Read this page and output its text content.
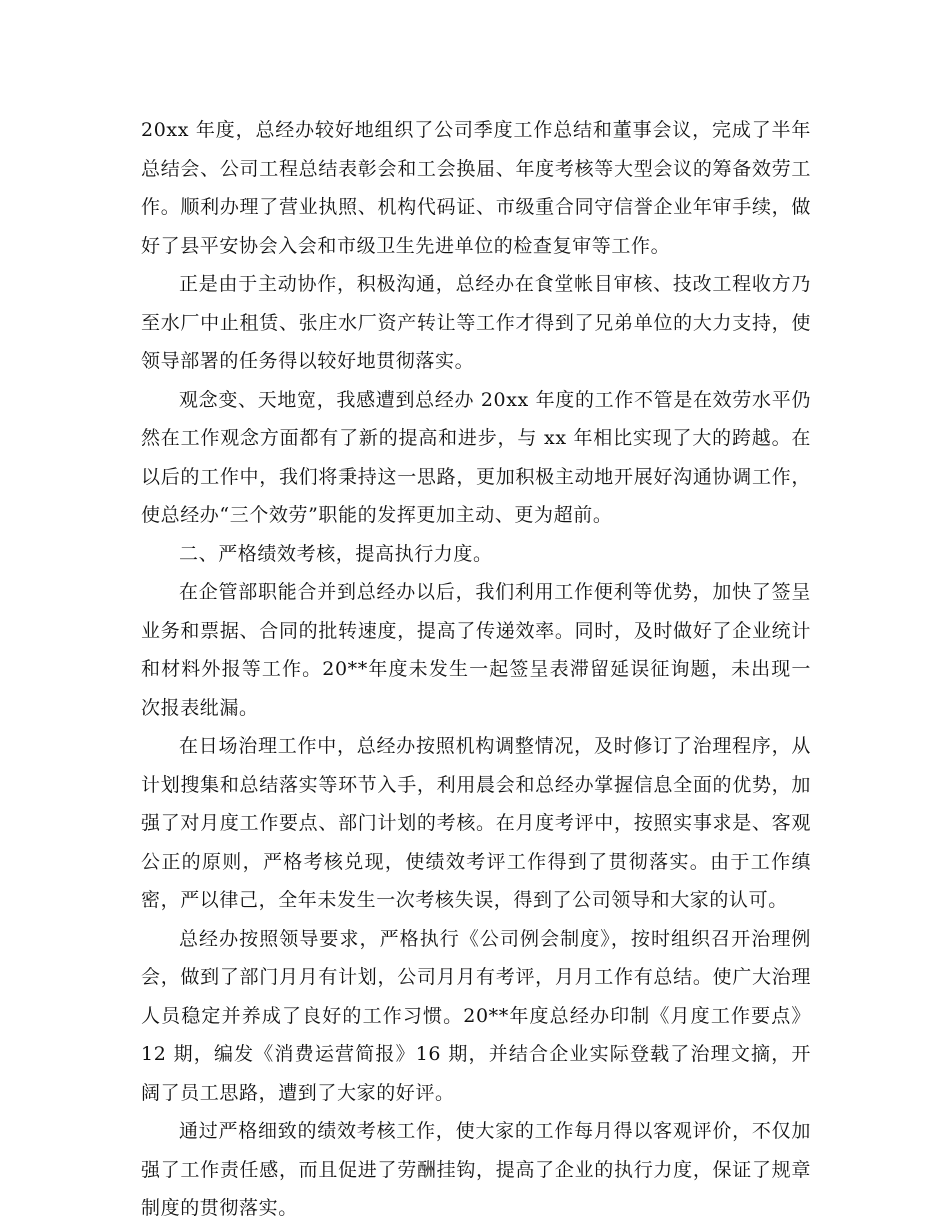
20xx 年度，总经办较好地组织了公司季度工作总结和董事会议，完成了半年总结会、公司工程总结表彰会和工会换届、年度考核等大型会议的筹备效劳工作。顺利办理了营业执照、机构代码证、市级重合同守信誉企业年审手续，做好了县平安协会入会和市级卫生先进单位的检查复审等工作。

正是由于主动协作，积极沟通，总经办在食堂帐目审核、技改工程收方乃至水厂中止租赁、张庄水厂资产转让等工作才得到了兄弟单位的大力支持，使领导部署的任务得以较好地贯彻落实。

观念变、天地宽，我感遭到总经办 20xx 年度的工作不管是在效劳水平仍然在工作观念方面都有了新的提高和进步，与 xx 年相比实现了大的跨越。在以后的工作中，我们将秉持这一思路，更加积极主动地开展好沟通协调工作，使总经办“三个效劳”职能的发挥更加主动、更为超前。

二、严格绩效考核，提高执行力度。

在企管部职能合并到总经办以后，我们利用工作便利等优势，加快了签呈业务和票据、合同的批转速度，提高了传递效率。同时，及时做好了企业统计和材料外报等工作。20**年度未发生一起签呈表滞留延误征询题，未出现一次报表纰漏。

在日场治理工作中，总经办按照机构调整情况，及时修订了治理程序，从计划搜集和总结落实等环节入手，利用晨会和总经办掌握信息全面的优势，加强了对月度工作要点、部门计划的考核。在月度考评中，按照实事求是、客观公正的原则，严格考核兑现，使绩效考评工作得到了贯彻落实。由于工作缜密，严以律己，全年未发生一次考核失误，得到了公司领导和大家的认可。

总经办按照领导要求，严格执行《公司例会制度》，按时组织召开治理例会，做到了部门月月有计划，公司月月有考评，月月工作有总结。使广大治理人员稳定并养成了良好的工作习惯。20**年度总经办印制《月度工作要点》12 期，编发《消费运营简报》16 期，并结合企业实际登载了治理文摘，开阔了员工思路，遭到了大家的好评。

通过严格细致的绩效考核工作，使大家的工作每月得以客观评价，不仅加强了工作责任感，而且促进了劳酬挂钩，提高了企业的执行力度，保证了规章制度的贯彻落实。
